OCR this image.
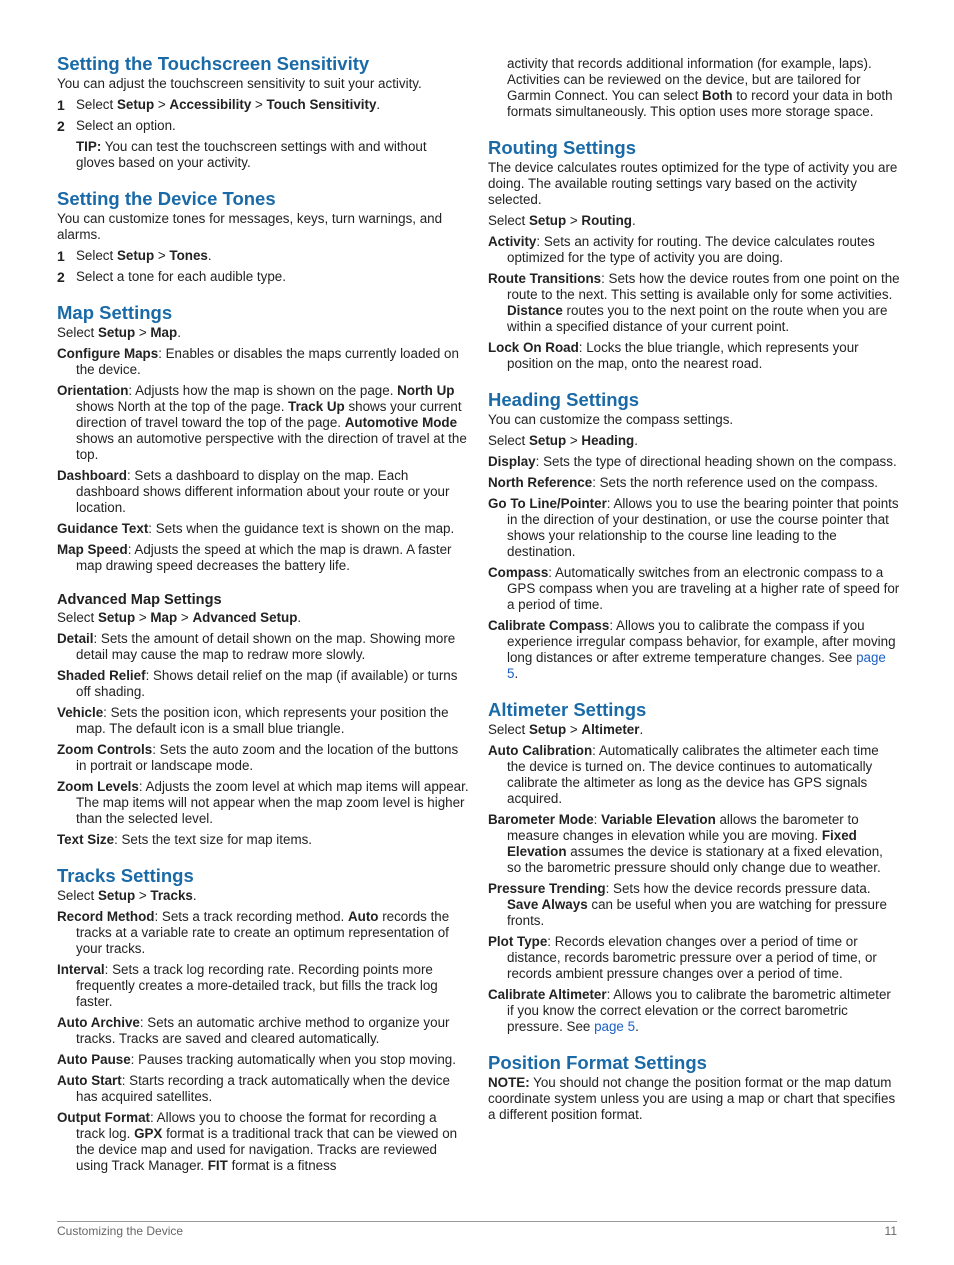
Setting the Touchscreen Sensitivity

You can adjust the touchscreen sensitivity to suit your activity.

1 Select Setup > Accessibility > Touch Sensitivity.
2 Select an option.
TIP: You can test the touchscreen settings with and without gloves based on your activity.
Setting the Device Tones

You can customize tones for messages, keys, turn warnings, and alarms.

1 Select Setup > Tones.
2 Select a tone for each audible type.
Map Settings

Select Setup > Map.

Configure Maps: Enables or disables the maps currently loaded on the device.
Orientation: Adjusts how the map is shown on the page. North Up shows North at the top of the page. Track Up shows your current direction of travel toward the top of the page. Automotive Mode shows an automotive perspective with the direction of travel at the top.
Dashboard: Sets a dashboard to display on the map. Each dashboard shows different information about your route or your location.
Guidance Text: Sets when the guidance text is shown on the map.
Map Speed: Adjusts the speed at which the map is drawn. A faster map drawing speed decreases the battery life.
Advanced Map Settings

Select Setup > Map > Advanced Setup.

Detail: Sets the amount of detail shown on the map. Showing more detail may cause the map to redraw more slowly.
Shaded Relief: Shows detail relief on the map (if available) or turns off shading.
Vehicle: Sets the position icon, which represents your position the map. The default icon is a small blue triangle.
Zoom Controls: Sets the auto zoom and the location of the buttons in portrait or landscape mode.
Zoom Levels: Adjusts the zoom level at which map items will appear. The map items will not appear when the map zoom level is higher than the selected level.
Text Size: Sets the text size for map items.
Tracks Settings

Select Setup > Tracks.

Record Method: Sets a track recording method. Auto records the tracks at a variable rate to create an optimum representation of your tracks.
Interval: Sets a track log recording rate. Recording points more frequently creates a more-detailed track, but fills the track log faster.
Auto Archive: Sets an automatic archive method to organize your tracks. Tracks are saved and cleared automatically.
Auto Pause: Pauses tracking automatically when you stop moving.
Auto Start: Starts recording a track automatically when the device has acquired satellites.
Output Format: Allows you to choose the format for recording a track log. GPX format is a traditional track that can be viewed on the device map and used for navigation. Tracks are reviewed using Track Manager. FIT format is a fitness
activity that records additional information (for example, laps). Activities can be reviewed on the device, but are tailored for Garmin Connect. You can select Both to record your data in both formats simultaneously. This option uses more storage space.
Routing Settings

The device calculates routes optimized for the type of activity you are doing. The available routing settings vary based on the activity selected.

Select Setup > Routing.

Activity: Sets an activity for routing. The device calculates routes optimized for the type of activity you are doing.
Route Transitions: Sets how the device routes from one point on the route to the next. This setting is available only for some activities. Distance routes you to the next point on the route when you are within a specified distance of your current point.
Lock On Road: Locks the blue triangle, which represents your position on the map, onto the nearest road.
Heading Settings

You can customize the compass settings.

Select Setup > Heading.

Display: Sets the type of directional heading shown on the compass.
North Reference: Sets the north reference used on the compass.
Go To Line/Pointer: Allows you to use the bearing pointer that points in the direction of your destination, or use the course pointer that shows your relationship to the course line leading to the destination.
Compass: Automatically switches from an electronic compass to a GPS compass when you are traveling at a higher rate of speed for a period of time.
Calibrate Compass: Allows you to calibrate the compass if you experience irregular compass behavior, for example, after moving long distances or after extreme temperature changes. See page 5.
Altimeter Settings

Select Setup > Altimeter.

Auto Calibration: Automatically calibrates the altimeter each time the device is turned on. The device continues to automatically calibrate the altimeter as long as the device has GPS signals acquired.
Barometer Mode: Variable Elevation allows the barometer to measure changes in elevation while you are moving. Fixed Elevation assumes the device is stationary at a fixed elevation, so the barometric pressure should only change due to weather.
Pressure Trending: Sets how the device records pressure data. Save Always can be useful when you are watching for pressure fronts.
Plot Type: Records elevation changes over a period of time or distance, records barometric pressure over a period of time, or records ambient pressure changes over a period of time.
Calibrate Altimeter: Allows you to calibrate the barometric altimeter if you know the correct elevation or the correct barometric pressure. See page 5.
Position Format Settings

NOTE: You should not change the position format or the map datum coordinate system unless you are using a map or chart that specifies a different position format.

Customizing the Device	11
